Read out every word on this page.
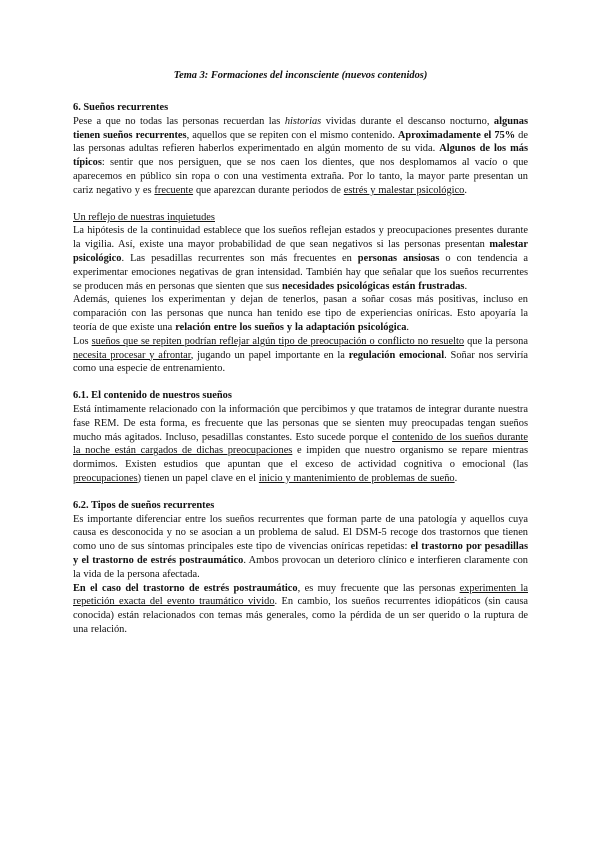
Tema 3: Formaciones del inconsciente (nuevos contenidos)
6. Sueños recurrentes

Pese a que no todas las personas recuerdan las historias vividas durante el descanso nocturno, algunas tienen sueños recurrentes, aquellos que se repiten con el mismo contenido. Aproximadamente el 75% de las personas adultas refieren haberlos experimentado en algún momento de su vida. Algunos de los más típicos: sentir que nos persiguen, que se nos caen los dientes, que nos desplomamos al vacío o que aparecemos en público sin ropa o con una vestimenta extraña. Por lo tanto, la mayor parte presentan un cariz negativo y es frecuente que aparezcan durante periodos de estrés y malestar psicológico.

Un reflejo de nuestras inquietudes

La hipótesis de la continuidad establece que los sueños reflejan estados y preocupaciones presentes durante la vigilia. Así, existe una mayor probabilidad de que sean negativos si las personas presentan malestar psicológico. Las pesadillas recurrentes son más frecuentes en personas ansiosas o con tendencia a experimentar emociones negativas de gran intensidad. También hay que señalar que los sueños recurrentes se producen más en personas que sienten que sus necesidades psicológicas están frustradas.

Además, quienes los experimentan y dejan de tenerlos, pasan a soñar cosas más positivas, incluso en comparación con las personas que nunca han tenido ese tipo de experiencias oníricas. Esto apoyaría la teoría de que existe una relación entre los sueños y la adaptación psicológica.

Los sueños que se repiten podrían reflejar algún tipo de preocupación o conflicto no resuelto que la persona necesita procesar y afrontar, jugando un papel importante en la regulación emocional. Soñar nos serviría como una especie de entrenamiento.

6.1. El contenido de nuestros sueños

Está íntimamente relacionado con la información que percibimos y que tratamos de integrar durante nuestra fase REM. De esta forma, es frecuente que las personas que se sienten muy preocupadas tengan sueños mucho más agitados. Incluso, pesadillas constantes. Esto sucede porque el contenido de los sueños durante la noche están cargados de dichas preocupaciones e impiden que nuestro organismo se repare mientras dormimos. Existen estudios que apuntan que el exceso de actividad cognitiva o emocional (las preocupaciones) tienen un papel clave en el inicio y mantenimiento de problemas de sueño.

6.2. Tipos de sueños recurrentes

Es importante diferenciar entre los sueños recurrentes que forman parte de una patología y aquellos cuya causa es desconocida y no se asocian a un problema de salud. El DSM-5 recoge dos trastornos que tienen como uno de sus síntomas principales este tipo de vivencias oníricas repetidas: el trastorno por pesadillas y el trastorno de estrés postraumático. Ambos provocan un deterioro clínico e interfieren claramente con la vida de la persona afectada.

En el caso del trastorno de estrés postraumático, es muy frecuente que las personas experimenten la repetición exacta del evento traumático vivido. En cambio, los sueños recurrentes idiopáticos (sin causa conocida) están relacionados con temas más generales, como la pérdida de un ser querido o la ruptura de una relación.
